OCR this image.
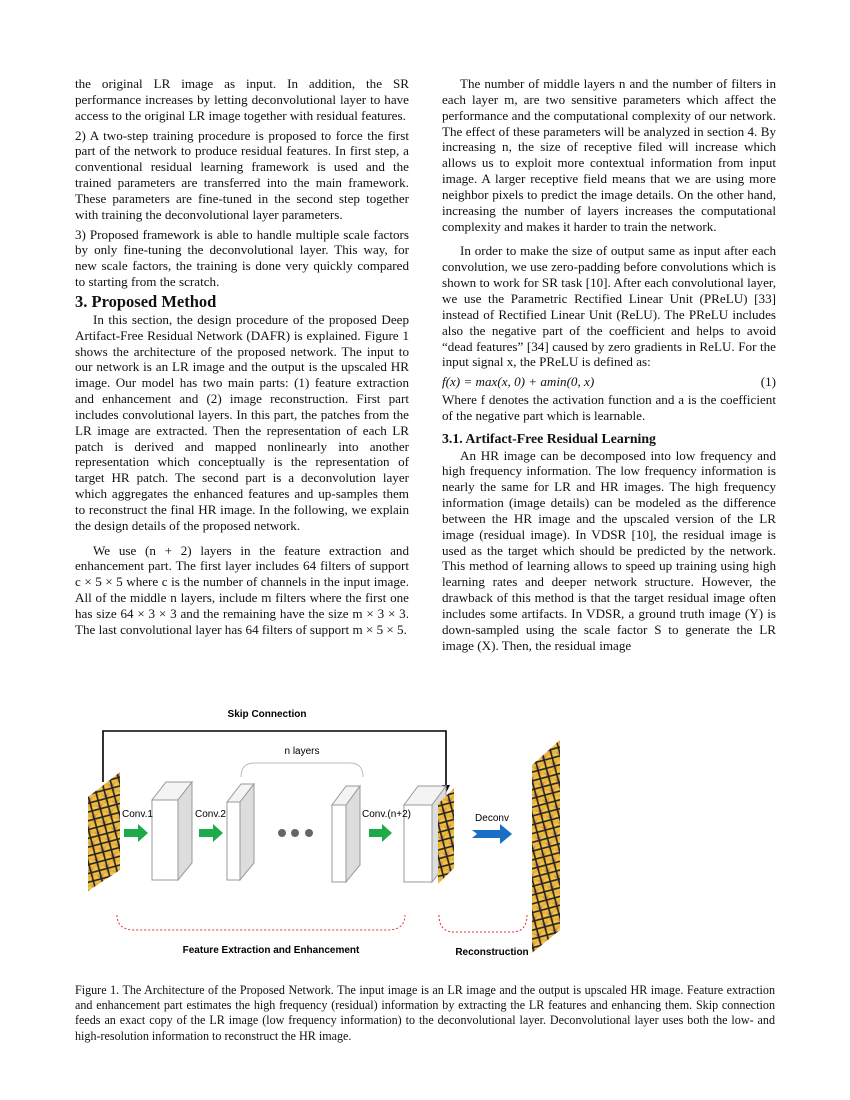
the original LR image as input. In addition, the SR performance increases by letting deconvolutional layer to have access to the original LR image together with residual features.

2) A two-step training procedure is proposed to force the first part of the network to produce residual features. In first step, a conventional residual learning framework is used and the trained parameters are transferred into the main framework. These parameters are fine-tuned in the second step together with training the deconvolutional layer parameters.

3) Proposed framework is able to handle multiple scale factors by only fine-tuning the deconvolutional layer. This way, for new scale factors, the training is done very quickly compared to starting from the scratch.

3. Proposed Method

In this section, the design procedure of the proposed Deep Artifact-Free Residual Network (DAFR) is explained. Figure 1 shows the architecture of the proposed network. The input to our network is an LR image and the output is the upscaled HR image. Our model has two main parts: (1) feature extraction and enhancement and (2) image reconstruction. First part includes convolutional layers. In this part, the patches from the LR image are extracted. Then the representation of each LR patch is derived and mapped nonlinearly into another representation which conceptually is the representation of target HR patch. The second part is a deconvolution layer which aggregates the enhanced features and up-samples them to reconstruct the final HR image. In the following, we explain the design details of the proposed network.

We use (n + 2) layers in the feature extraction and enhancement part. The first layer includes 64 filters of support c × 5 × 5 where c is the number of channels in the input image. All of the middle n layers, include m filters where the first one has size 64 × 3 × 3 and the remaining have the size m × 3 × 3. The last convolutional layer has 64 filters of support m × 5 × 5.

The number of middle layers n and the number of filters in each layer m, are two sensitive parameters which affect the performance and the computational complexity of our network. The effect of these parameters will be analyzed in section 4. By increasing n, the size of receptive filed will increase which allows us to exploit more contextual information from input image. A larger receptive field means that we are using more neighbor pixels to predict the image details. On the other hand, increasing the number of layers increases the computational complexity and makes it harder to train the network.

In order to make the size of output same as input after each convolution, we use zero-padding before convolutions which is shown to work for SR task [10]. After each convolutional layer, we use the Parametric Rectified Linear Unit (PReLU) [33] instead of Rectified Linear Unit (ReLU). The PReLU includes also the negative part of the coefficient and helps to avoid “dead features” [34] caused by zero gradients in ReLU. For the input signal x, the PReLU is defined as:

f(x) = max(x, 0) + amin(0, x)	(1)

Where f denotes the activation function and a is the coefficient of the negative part which is learnable.

3.1. Artifact-Free Residual Learning

An HR image can be decomposed into low frequency and high frequency information. The low frequency information is nearly the same for LR and HR images. The high frequency information (image details) can be modeled as the difference between the HR image and the upscaled version of the LR image (residual image). In VDSR [10], the residual image is used as the target which should be predicted by the network. This method of learning allows to speed up training using high learning rates and deeper network structure. However, the drawback of this method is that the target residual image often includes some artifacts. In VDSR, a ground truth image (Y) is down-sampled using the scale factor S to generate the LR image (X). Then, the residual image

Skip Connection
n layers
Conv.1	Conv.2	Conv.(n+2)	Deconv
Feature Extraction and Enhancement	Reconstruction
Figure 1. The Architecture of the Proposed Network. The input image is an LR image and the output is upscaled HR image. Feature extraction and enhancement part estimates the high frequency (residual) information by extracting the LR features and enhancing them. Skip connection feeds an exact copy of the LR image (low frequency information) to the deconvolutional layer. Deconvolutional layer uses both the low- and high-resolution information to reconstruct the HR image.
